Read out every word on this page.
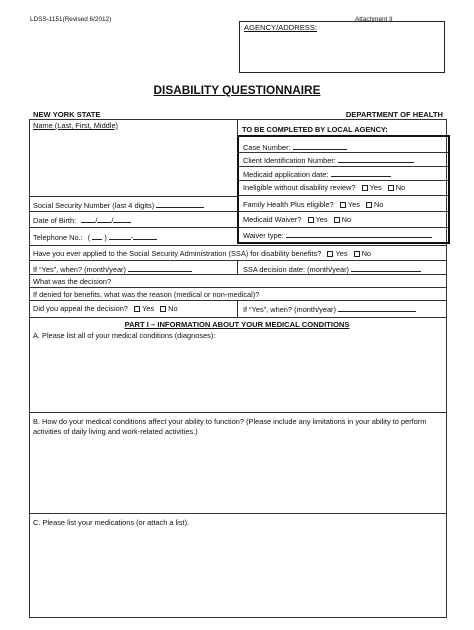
LDSS-1151(Revised 6/2012)	Attachment II
AGENCY/ADDRESS:
DISABILITY QUESTIONNAIRE
NEW YORK STATE	DEPARTMENT OF HEALTH
Name (Last, First, Middle)
Social Security Number (last 4 digits)
Date of Birth:	/ /
Telephone No.: ( )	-
TO BE COMPLETED BY LOCAL AGENCY:
Case Number:
Client Identification Number:
Medicaid application date:
Ineligible without disability review? Yes No
Family Health Plus eligible? Yes No
Medicaid Waiver? Yes No
Waiver type:
Have you ever applied to the Social Security Administration (SSA) for disability benefits? Yes No
If “Yes”, when? (month/year)	SSA decision date: (month/year)
What was the decision?
If denied for benefits, what was the reason (medical or non-medical)?
Did you appeal the decision? Yes No	If “Yes”, when? (month/year)
PART I – INFORMATION ABOUT YOUR MEDICAL CONDITIONS
A. Please list all of your medical conditions (diagnoses):
B. How do your medical conditions affect your ability to function? (Please include any limitations in your ability to perform activities of daily living and work-related activities.)
C. Please list your medications (or attach a list).
